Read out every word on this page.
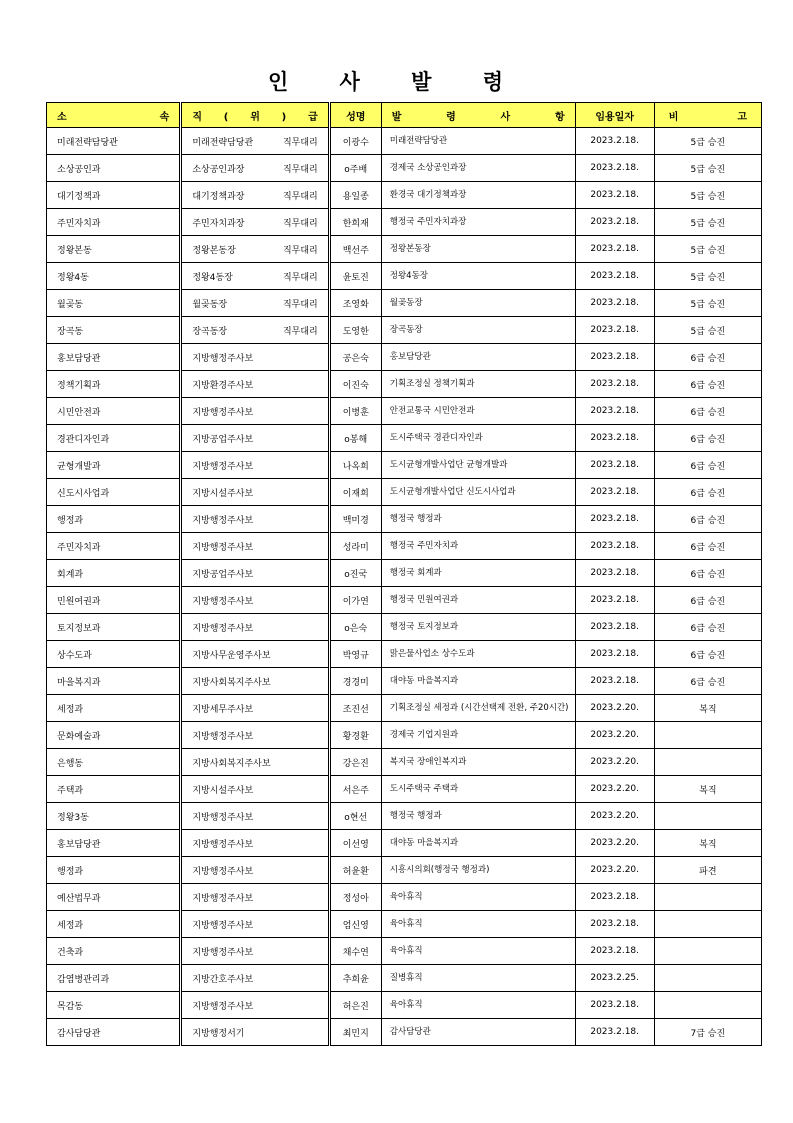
인 사 발 령
소 속	직 ( 위 ) 급	성명	발 령 사 항	임용일자	비 고
미래전략담당관	미래전략담당관 직무대리	이광수	미래전략담당관	2023.2.18.	5급 승진
소상공인과	소상공인과장 직무대리	o주배	경제국 소상공인과장	2023.2.18.	5급 승진
대기정책과	대기정책과장 직무대리	용일종	환경국 대기정책과장	2023.2.18.	5급 승진
주민자치과	주민자치과장 직무대리	한희재	행정국 주민자치과장	2023.2.18.	5급 승진
정왕본동	정왕본동장 직무대리	백선주	정왕본동장	2023.2.18.	5급 승진
정왕4동	정왕4동장 직무대리	윤토진	정왕4동장	2023.2.18.	5급 승진
월곶동	월곶동장 직무대리	조영화	월곶동장	2023.2.18.	5급 승진
장곡동	장곡동장 직무대리	도영한	장곡동장	2023.2.18.	5급 승진
홍보담당관	지방행정주사보	공은숙	홍보담당관	2023.2.18.	6급 승진
정책기획과	지방환경주사보	이진숙	기획조정실 정책기획과	2023.2.18.	6급 승진
시민안전과	지방행정주사보	이병훈	안전교통국 시민안전과	2023.2.18.	6급 승진
경관디자인과	지방공업주사보	o봉해	도시주택국 경관디자인과	2023.2.18.	6급 승진
균형개발과	지방행정주사보	나옥희	도시균형개발사업단 균형개발과	2023.2.18.	6급 승진
신도시사업과	지방시설주사보	이재희	도시균형개발사업단 신도시사업과	2023.2.18.	6급 승진
행정과	지방행정주사보	백미경	행정국 행정과	2023.2.18.	6급 승진
주민자치과	지방행정주사보	성라미	행정국 주민자치과	2023.2.18.	6급 승진
회계과	지방공업주사보	o진국	행정국 회계과	2023.2.18.	6급 승진
민원여권과	지방행정주사보	이가연	행정국 민원여권과	2023.2.18.	6급 승진
토지정보과	지방행정주사보	o은숙	행정국 토지정보과	2023.2.18.	6급 승진
상수도과	지방사무운영주사보	박영규	맑은물사업소 상수도과	2023.2.18.	6급 승진
마을복지과	지방사회복지주사보	경경미	대야동 마을복지과	2023.2.18.	6급 승진
세정과	지방세무주사보	조진선	기획조정실 세정과 (시간선택제 전환, 주20시간)	2023.2.20.	복직
문화예술과	지방행정주사보	황경환	경제국 기업지원과	2023.2.20.	
은행동	지방사회복지주사보	강은진	복지국 장애인복지과	2023.2.20.	
주택과	지방시설주사보	서은주	도시주택국 주택과	2023.2.20.	복직
정왕3동	지방행정주사보	o현선	행정국 행정과	2023.2.20.	
홍보담당관	지방행정주사보	이선영	대야동 마을복지과	2023.2.20.	복직
행정과	지방행정주사보	허윤환	시흥시의회(행정국 행정과)	2023.2.20.	파견
예산법무과	지방행정주사보	정성아	육아휴직	2023.2.18.	
세정과	지방행정주사보	엄신영	육아휴직	2023.2.18.	
건축과	지방행정주사보	채수연	육아휴직	2023.2.18.	
감염병관리과	지방간호주사보	추희윤	질병휴직	2023.2.25.	
목감동	지방행정주사보	허은진	육아휴직	2023.2.18.	
감사담당관	지방행정서기	최민지	감사담당관	2023.2.18.	7급 승진
